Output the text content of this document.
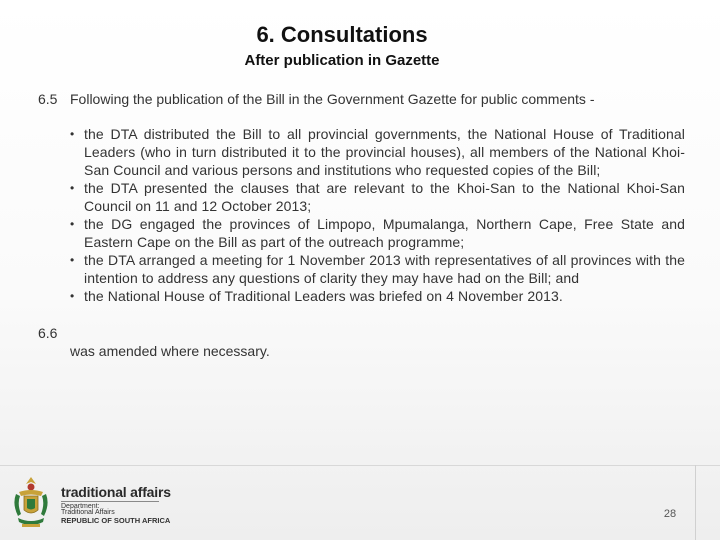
6. Consultations
After publication in Gazette
6.5 Following the publication of the Bill in the Government Gazette for public comments -
• the DTA distributed the Bill to all provincial governments, the National House of Traditional Leaders (who in turn distributed it to the provincial houses), all members of the National Khoi-San Council and various persons and institutions who requested copies of the Bill;
• the DTA presented the clauses that are relevant to the Khoi-San to the National Khoi-San Council on 11 and 12 October 2013;
• the DG engaged the provinces of Limpopo, Mpumalanga, Northern Cape, Free State and Eastern Cape on the Bill as part of the outreach programme;
• the DTA arranged a meeting for 1 November 2013 with representatives of all provinces with the intention to address any questions of clarity they may have had on the Bill; and
• the National House of Traditional Leaders was briefed on 4 November 2013.
6.6
was amended where necessary.
traditional affairs
Department:
Traditional Affairs
REPUBLIC OF SOUTH AFRICA
28
